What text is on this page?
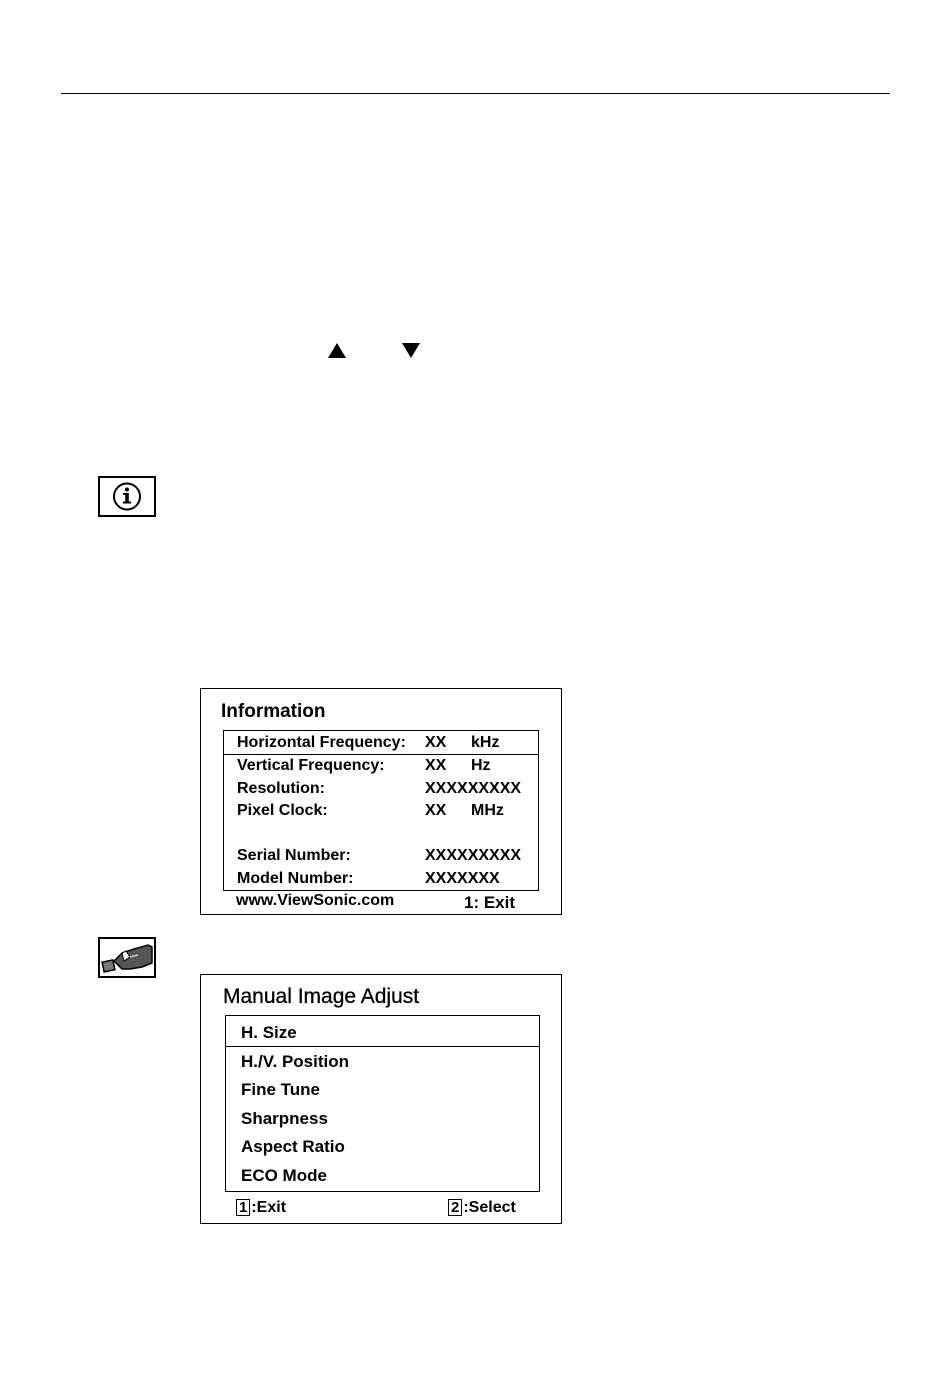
Information
Horizontal Frequency: XX kHz
Vertical Frequency:	XX Hz
Resolution:	XXXXXXXXX
Pixel Clock:	XX MHz
Serial Number:	XXXXXXXXX
Model Number:	XXXXXXX
www.ViewSonic.com	1: Exit
Manual Image Adjust
H. Size
H./V. Position
Fine Tune
Sharpness
Aspect Ratio
ECO Mode
1 :Exit	2 :Select
